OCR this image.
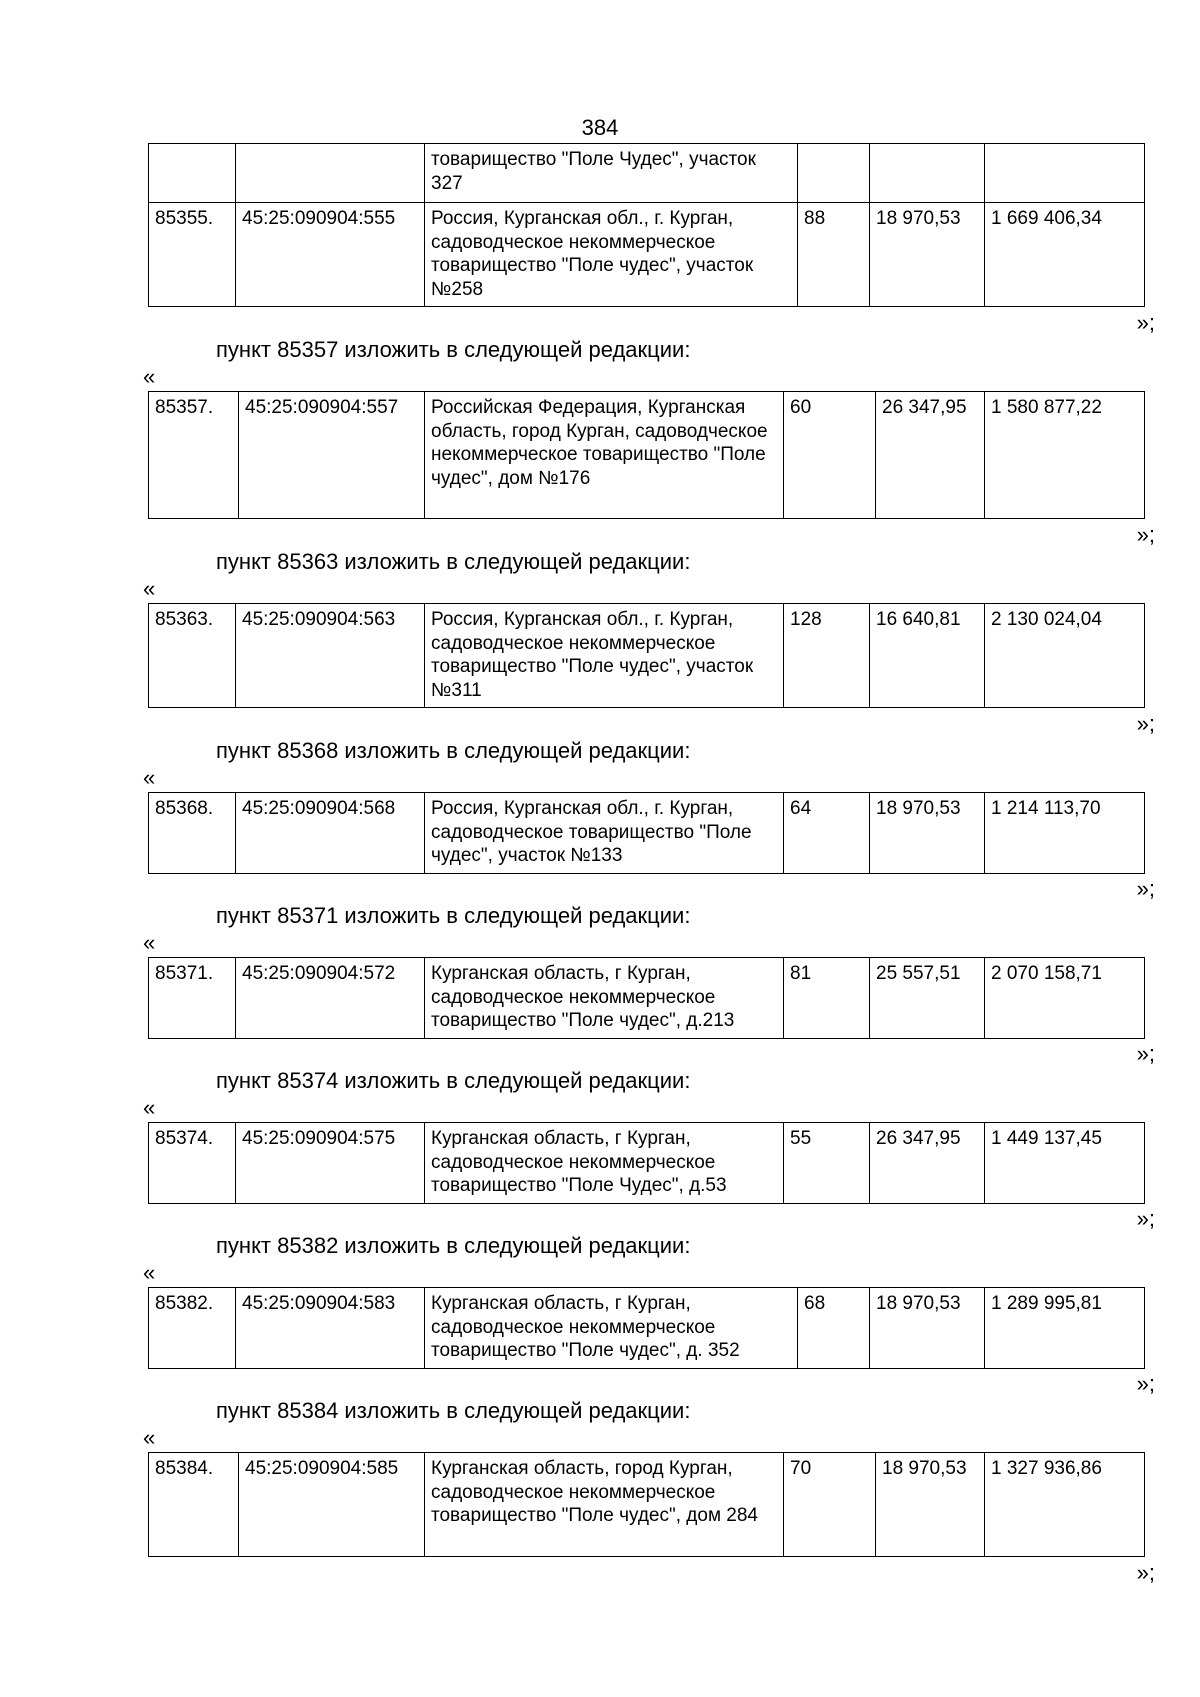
384
		товарищество "Поле Чудес", участок 327			
85355.	45:25:090904:555	Россия, Курганская обл., г. Курган, садоводческое некоммерческое товарищество "Поле чудес", участок №258	88	18 970,53	1 669 406,34
»;
пункт 85357 изложить в следующей редакции:
«
85357.	45:25:090904:557	Российская Федерация, Курганская область, город Курган, садоводческое некоммерческое товарищество "Поле чудес", дом №176	60	26 347,95	1 580 877,22
»;
пункт 85363 изложить в следующей редакции:
«
85363.	45:25:090904:563	Россия, Курганская обл., г. Курган, садоводческое некоммерческое товарищество "Поле чудес", участок №311	128	16 640,81	2 130 024,04
»;
пункт 85368 изложить в следующей редакции:
«
85368.	45:25:090904:568	Россия, Курганская обл., г. Курган, садоводческое товарищество "Поле чудес", участок №133	64	18 970,53	1 214 113,70
»;
пункт 85371 изложить в следующей редакции:
«
85371.	45:25:090904:572	Курганская область, г Курган, садоводческое некоммерческое товарищество "Поле чудес", д.213	81	25 557,51	2 070 158,71
»;
пункт 85374 изложить в следующей редакции:
«
85374.	45:25:090904:575	Курганская область, г Курган, садоводческое некоммерческое товарищество "Поле Чудес", д.53	55	26 347,95	1 449 137,45
»;
пункт 85382 изложить в следующей редакции:
«
85382.	45:25:090904:583	Курганская область, г Курган, садоводческое некоммерческое товарищество "Поле чудес", д. 352	68	18 970,53	1 289 995,81
»;
пункт 85384 изложить в следующей редакции:
«
85384.	45:25:090904:585	Курганская область, город Курган, садоводческое некоммерческое товарищество "Поле чудес", дом 284	70	18 970,53	1 327 936,86
»;
